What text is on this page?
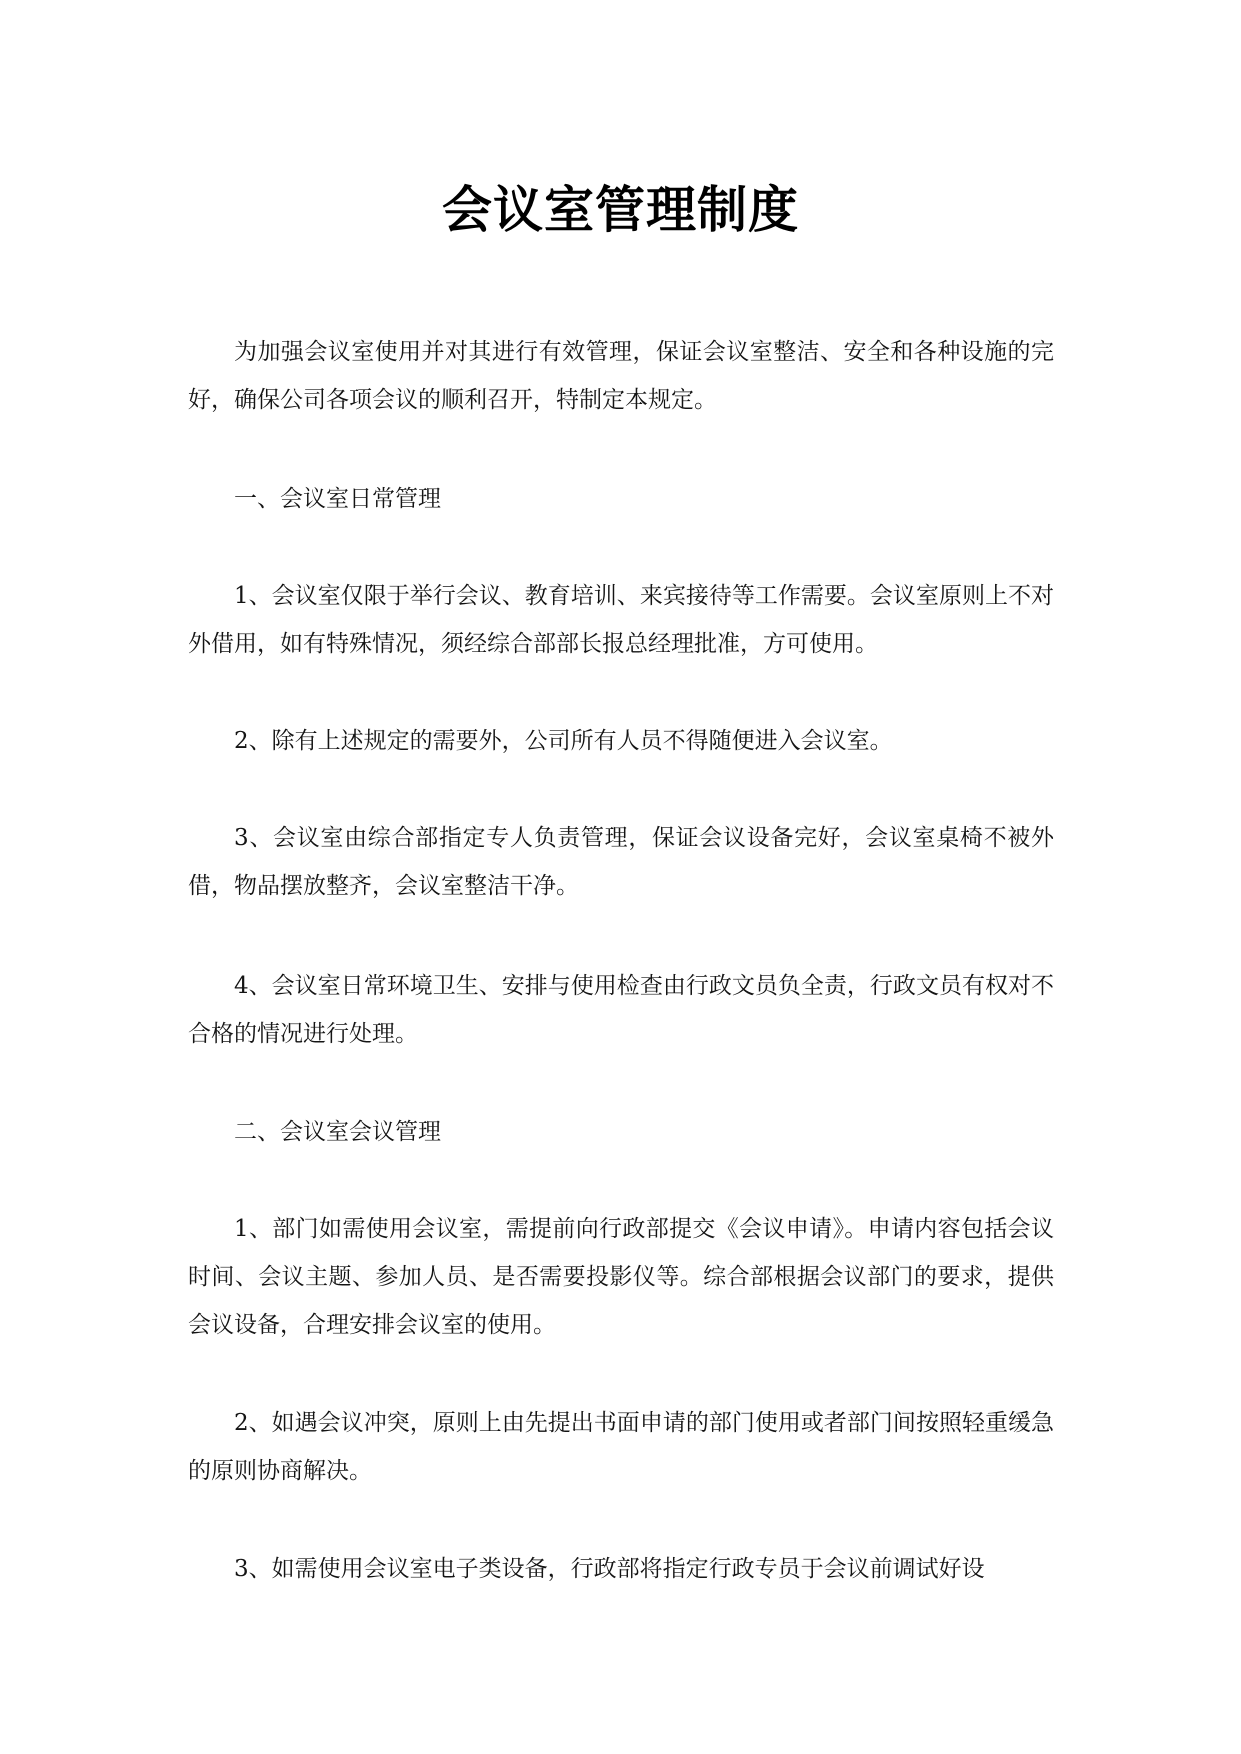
会议室管理制度
为加强会议室使用并对其进行有效管理，保证会议室整洁、安全和各种设施的完好，确保公司各项会议的顺利召开，特制定本规定。
一、会议室日常管理
1、会议室仅限于举行会议、教育培训、来宾接待等工作需要。会议室原则上不对外借用，如有特殊情况，须经综合部部长报总经理批准，方可使用。
2、除有上述规定的需要外，公司所有人员不得随便进入会议室。
3、会议室由综合部指定专人负责管理，保证会议设备完好，会议室桌椅不被外借，物品摆放整齐，会议室整洁干净。
4、会议室日常环境卫生、安排与使用检查由行政文员负全责，行政文员有权对不合格的情况进行处理。
二、会议室会议管理
1、部门如需使用会议室，需提前向行政部提交《会议申请》。申请内容包括会议时间、会议主题、参加人员、是否需要投影仪等。综合部根据会议部门的要求，提供会议设备，合理安排会议室的使用。
2、如遇会议冲突，原则上由先提出书面申请的部门使用或者部门间按照轻重缓急的原则协商解决。
3、如需使用会议室电子类设备，行政部将指定行政专员于会议前调试好设
